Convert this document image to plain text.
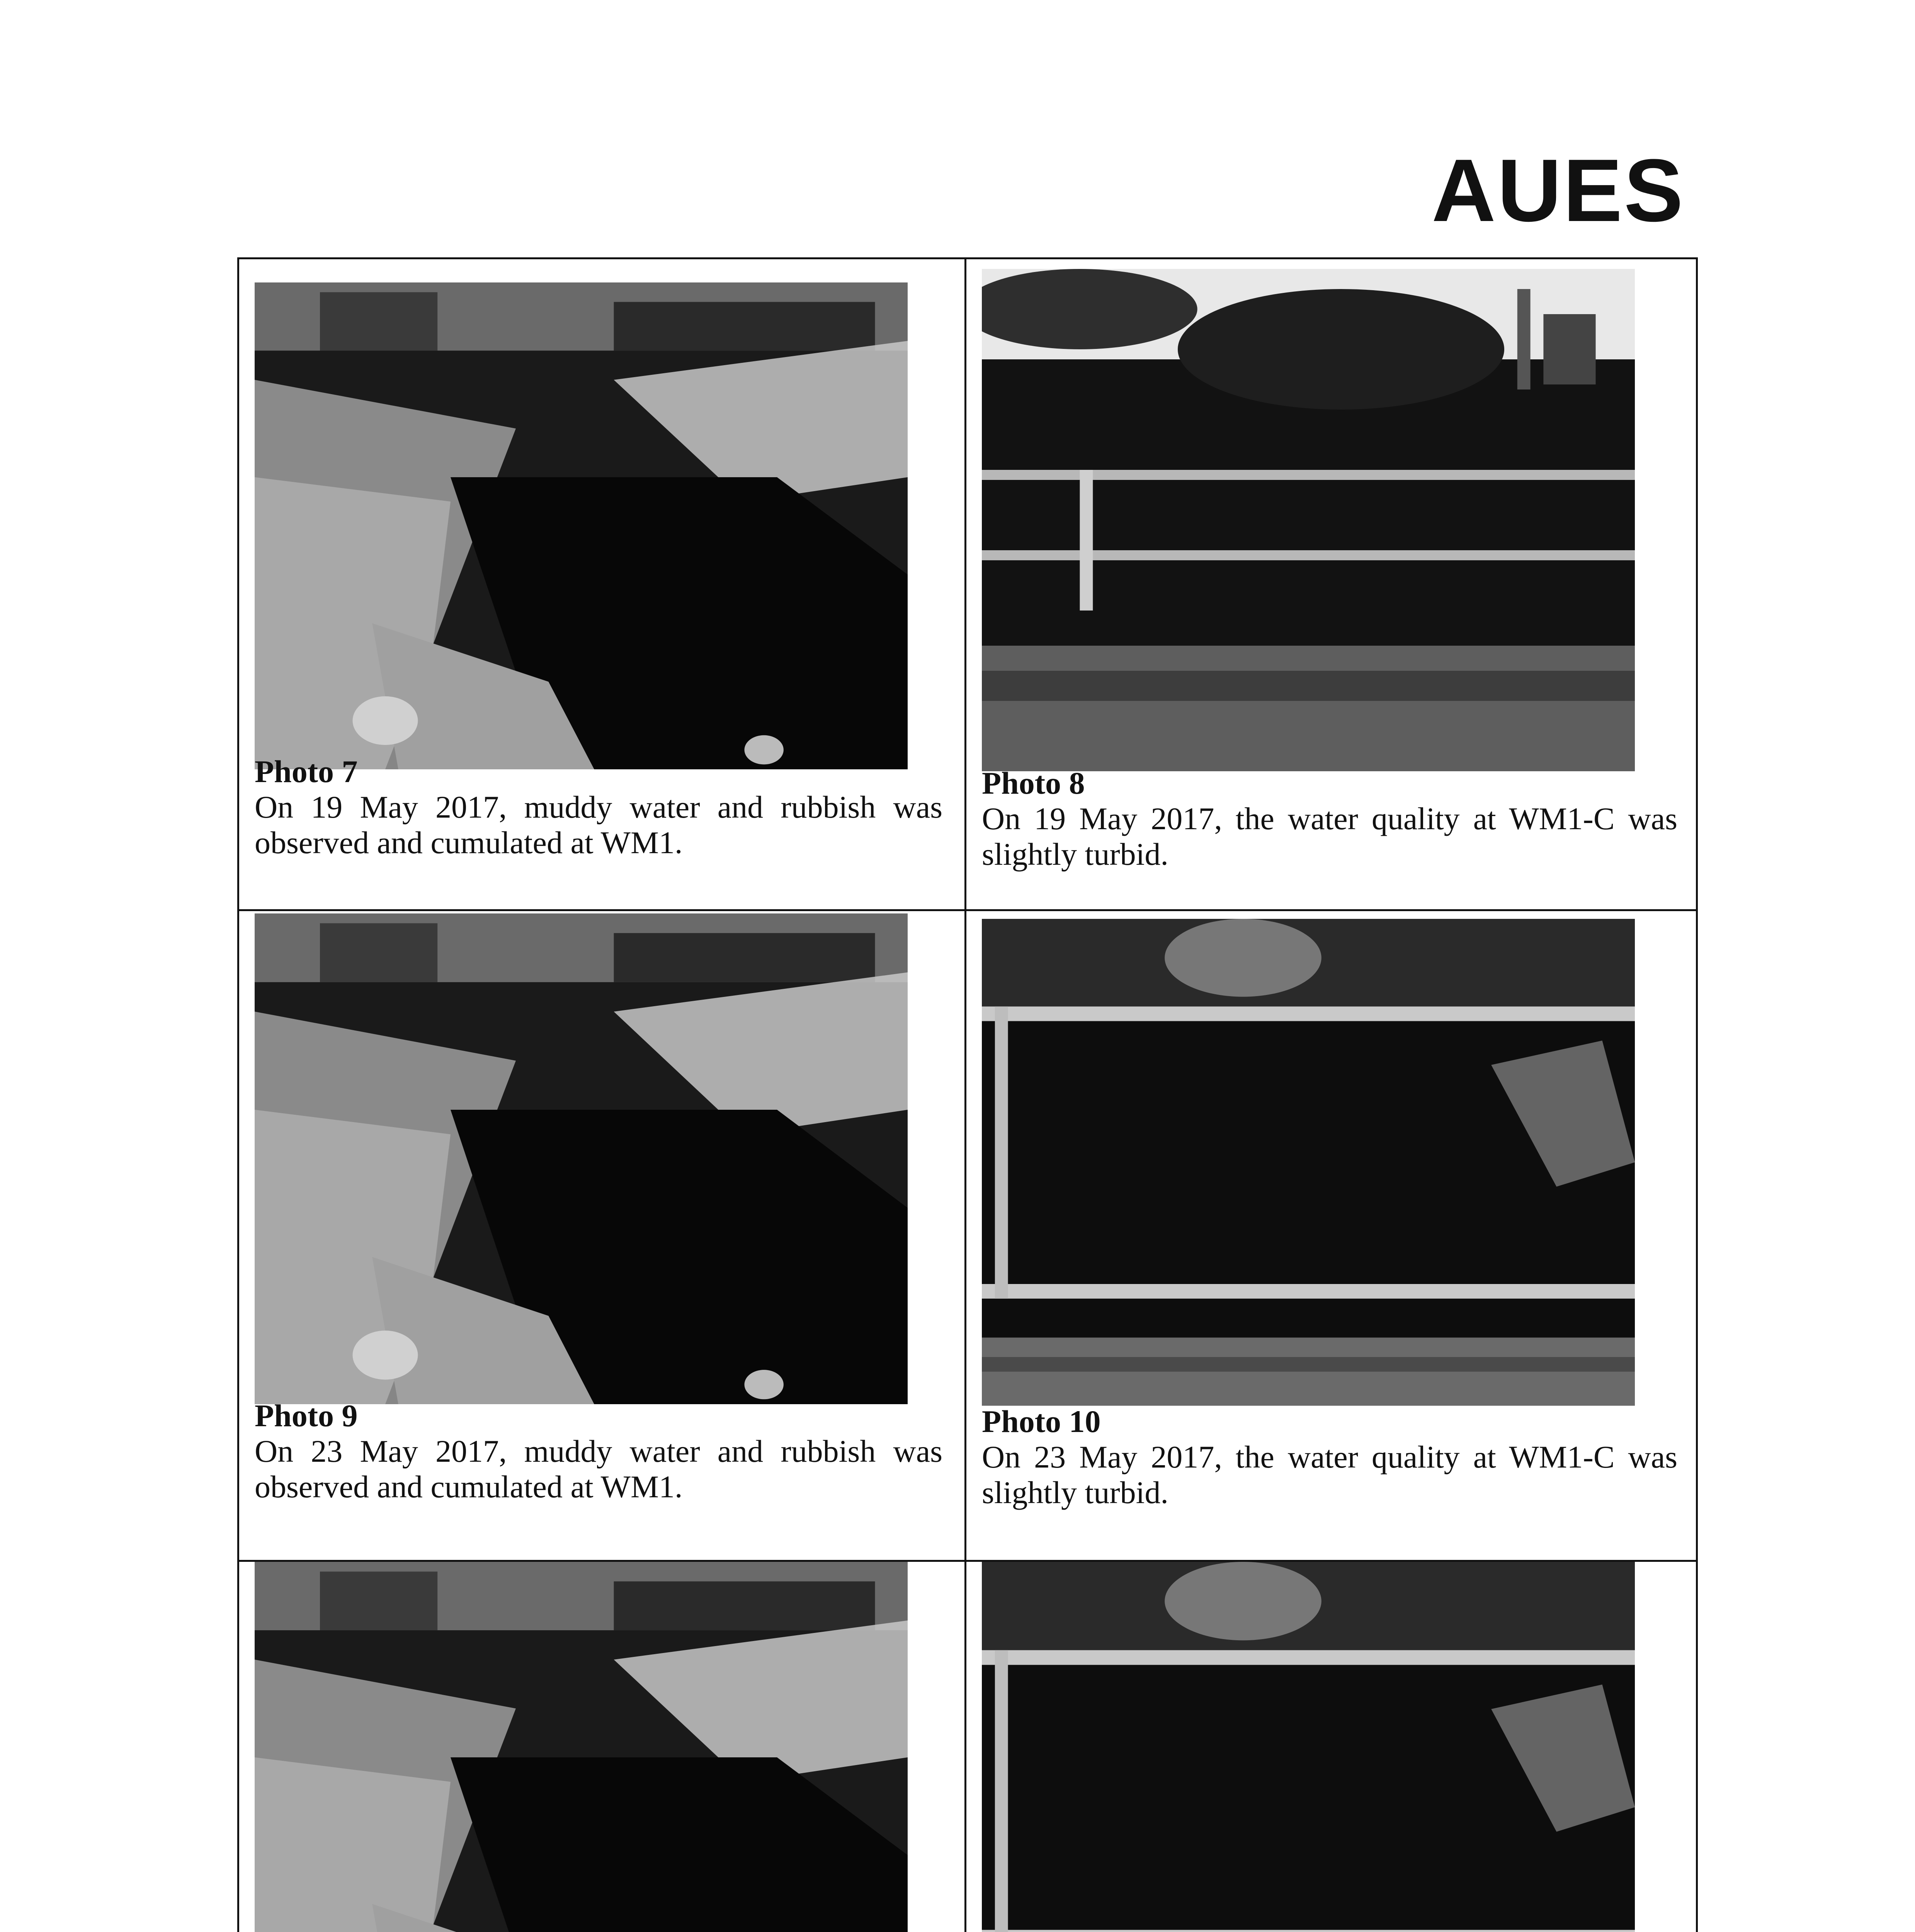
AUES
Photo 7
On 19 May 2017, muddy water and rubbish was observed and cumulated at WM1.
Photo 8
On 19 May 2017, the water quality at WM1-C was slightly turbid.
Photo 9
On 23 May 2017, muddy water and rubbish was observed and cumulated at WM1.
Photo 10
On 23 May 2017, the water quality at WM1-C was slightly turbid.
